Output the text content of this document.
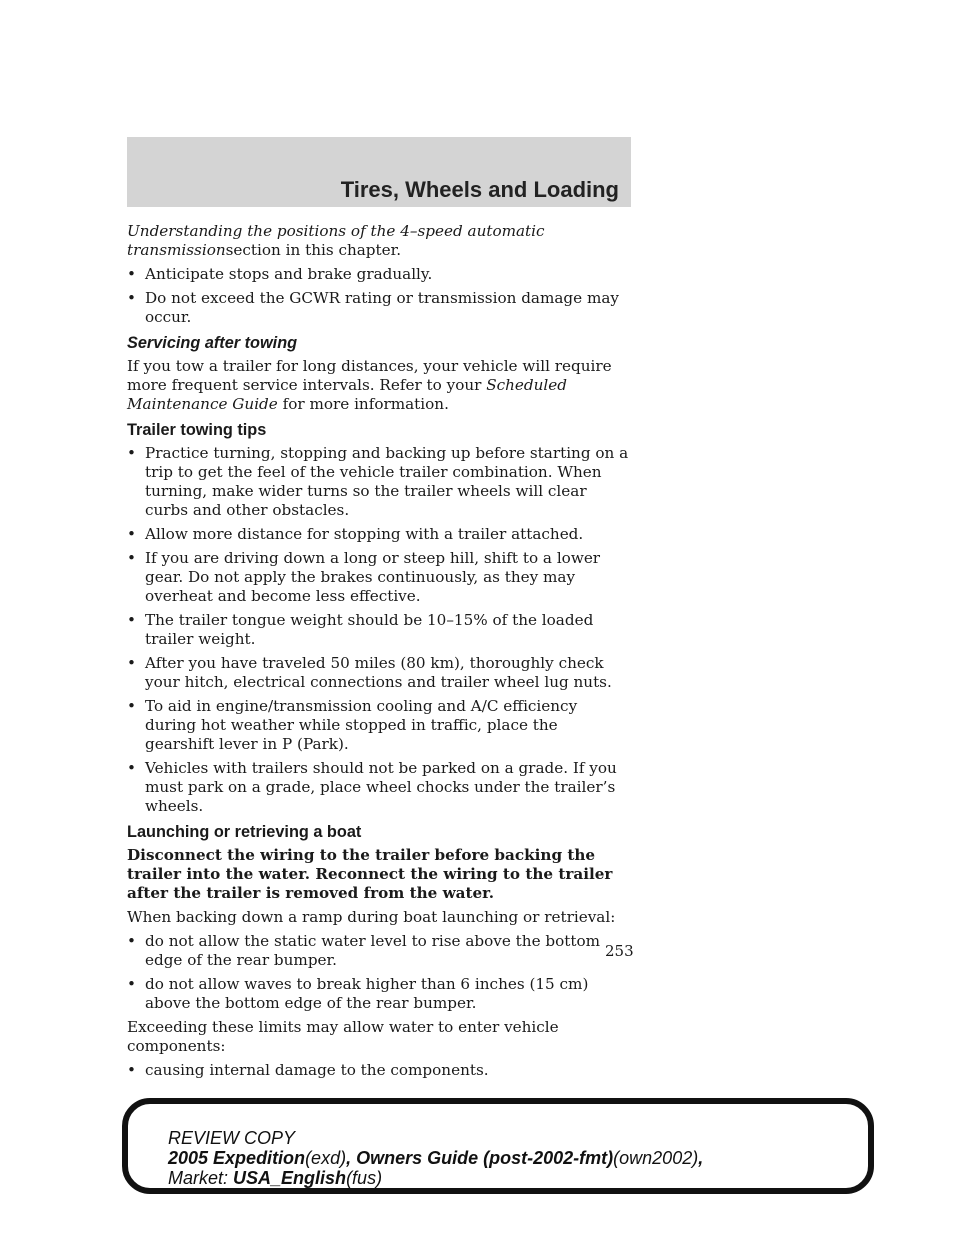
Tires, Wheels and Loading

Understanding the positions of the 4–speed automatic transmissionsection in this chapter.

• Anticipate stops and brake gradually.
• Do not exceed the GCWR rating or transmission damage may occur.
Servicing after towing

If you tow a trailer for long distances, your vehicle will require more frequent service intervals. Refer to your Scheduled Maintenance Guide for more information.

Trailer towing tips
• Practice turning, stopping and backing up before starting on a trip to get the feel of the vehicle trailer combination. When turning, make wider turns so the trailer wheels will clear curbs and other obstacles.
• Allow more distance for stopping with a trailer attached.
• If you are driving down a long or steep hill, shift to a lower gear. Do not apply the brakes continuously, as they may overheat and become less effective.
• The trailer tongue weight should be 10–15% of the loaded trailer weight.
• After you have traveled 50 miles (80 km), thoroughly check your hitch, electrical connections and trailer wheel lug nuts.
• To aid in engine/transmission cooling and A/C efficiency during hot weather while stopped in traffic, place the gearshift lever in P (Park).
• Vehicles with trailers should not be parked on a grade. If you must park on a grade, place wheel chocks under the trailer’s wheels.
Launching or retrieving a boat

Disconnect the wiring to the trailer before backing the trailer into the water. Reconnect the wiring to the trailer after the trailer is removed from the water.

When backing down a ramp during boat launching or retrieval:

• do not allow the static water level to rise above the bottom edge of the rear bumper.
• do not allow waves to break higher than 6 inches (15 cm) above the bottom edge of the rear bumper.

Exceeding these limits may allow water to enter vehicle components:

• causing internal damage to the components.
253
REVIEW COPY
2005 Expedition(exd), Owners Guide (post-2002-fmt)(own2002),
Market: USA_English(fus)
